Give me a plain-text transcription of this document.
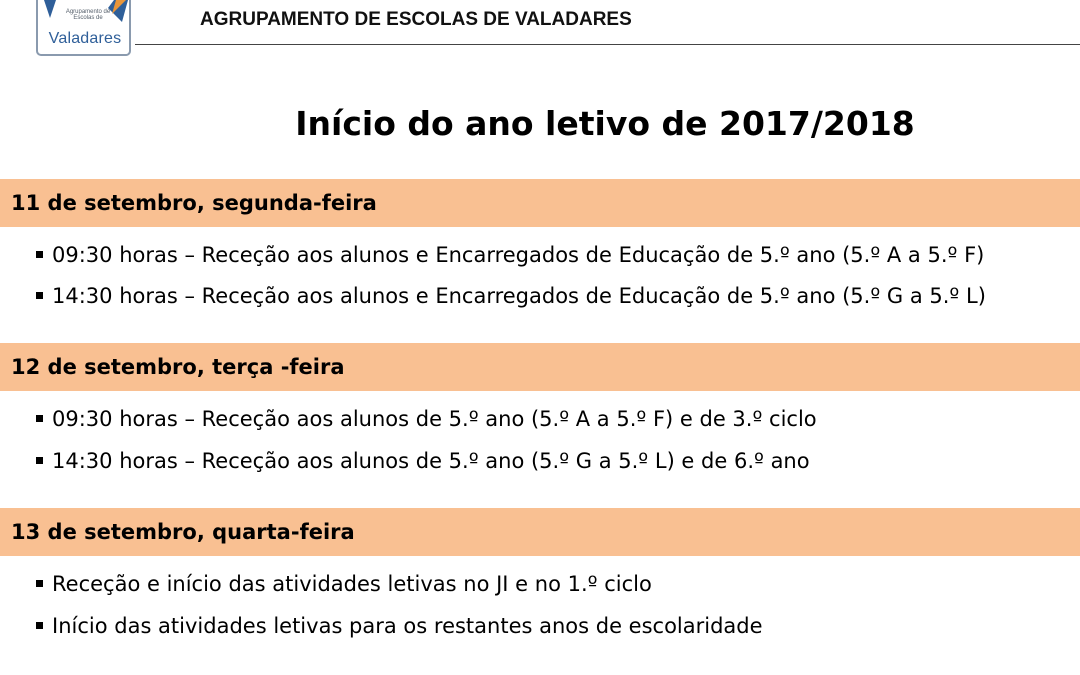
Agrupamento de Escolas de
Valadares
AGRUPAMENTO DE ESCOLAS DE VALADARES
Início do ano letivo de 2017/2018
11 de setembro, segunda-feira
09:30 horas – Receção aos alunos e Encarregados de Educação de 5.º ano (5.º A a 5.º F)
14:30 horas – Receção aos alunos e Encarregados de Educação de 5.º ano (5.º G a 5.º L)
12 de setembro, terça -feira
09:30 horas – Receção aos alunos de 5.º ano (5.º A a 5.º F) e de 3.º ciclo
14:30 horas – Receção aos alunos de 5.º ano (5.º G a 5.º L) e de 6.º ano
13 de setembro, quarta-feira
Receção e início das atividades letivas no JI e no 1.º ciclo
Início das atividades letivas para os restantes anos de escolaridade
